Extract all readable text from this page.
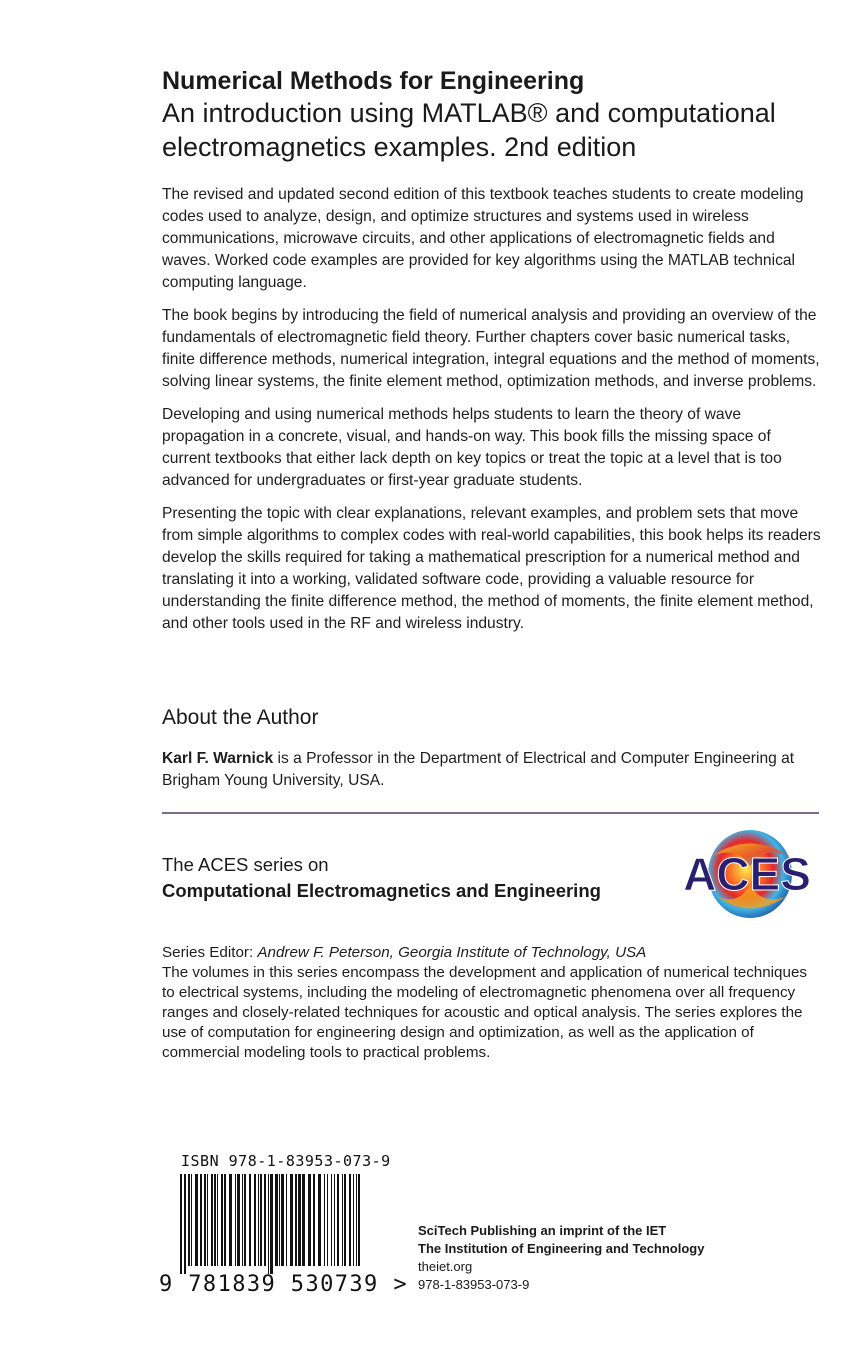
Numerical Methods for Engineering
An introduction using MATLAB® and computational
electromagnetics examples. 2nd edition

The revised and updated second edition of this textbook teaches students to create modeling codes used to analyze, design, and optimize structures and systems used in wireless communications, microwave circuits, and other applications of electromagnetic fields and waves. Worked code examples are provided for key algorithms using the MATLAB technical computing language.

The book begins by introducing the field of numerical analysis and providing an overview of the fundamentals of electromagnetic field theory. Further chapters cover basic numerical tasks, finite difference methods, numerical integration, integral equations and the method of moments, solving linear systems, the finite element method, optimization methods, and inverse problems.

Developing and using numerical methods helps students to learn the theory of wave propagation in a concrete, visual, and hands-on way. This book fills the missing space of current textbooks that either lack depth on key topics or treat the topic at a level that is too advanced for undergraduates or first-year graduate students.

Presenting the topic with clear explanations, relevant examples, and problem sets that move from simple algorithms to complex codes with real-world capabilities, this book helps its readers develop the skills required for taking a mathematical prescription for a numerical method and translating it into a working, validated software code, providing a valuable resource for understanding the finite difference method, the method of moments, the finite element method, and other tools used in the RF and wireless industry.

About the Author
Karl F. Warnick is a Professor in the Department of Electrical and Computer Engineering at Brigham Young University, USA.
The ACES series on
Computational Electromagnetics and Engineering	ACES
Series Editor: Andrew F. Peterson, Georgia Institute of Technology, USA
The volumes in this series encompass the development and application of numerical techniques to electrical systems, including the modeling of electromagnetic phenomena over all frequency ranges and closely-related techniques for acoustic and optical analysis. The series explores the use of computation for engineering design and optimization, as well as the application of commercial modeling tools to practical problems.
ISBN 978-1-83953-073-9
9 781839 530739 >
SciTech Publishing an imprint of the IET
The Institution of Engineering and Technology
theiet.org
978-1-83953-073-9
